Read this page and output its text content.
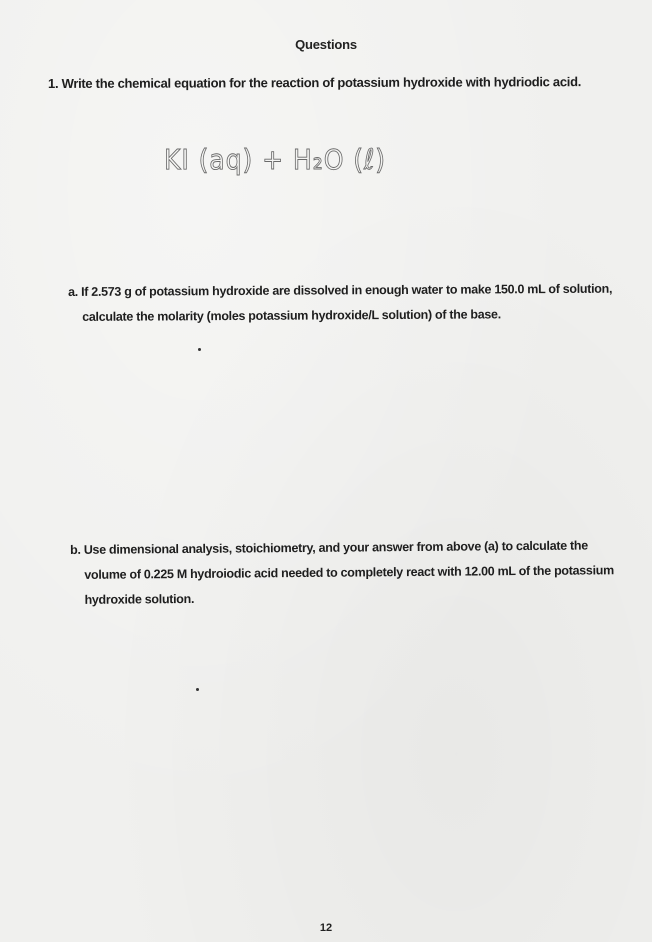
Questions
1. Write the chemical equation for the reaction of potassium hydroxide with hydriodic acid.
KI (aq) + H₂O (ℓ)
a. If 2.573 g of potassium hydroxide are dissolved in enough water to make 150.0 mL of solution,
calculate the molarity (moles potassium hydroxide/L solution) of the base.
b. Use dimensional analysis, stoichiometry, and your answer from above (a) to calculate the
volume of 0.225 M hydroiodic acid needed to completely react with 12.00 mL of the potassium
hydroxide solution.
12
